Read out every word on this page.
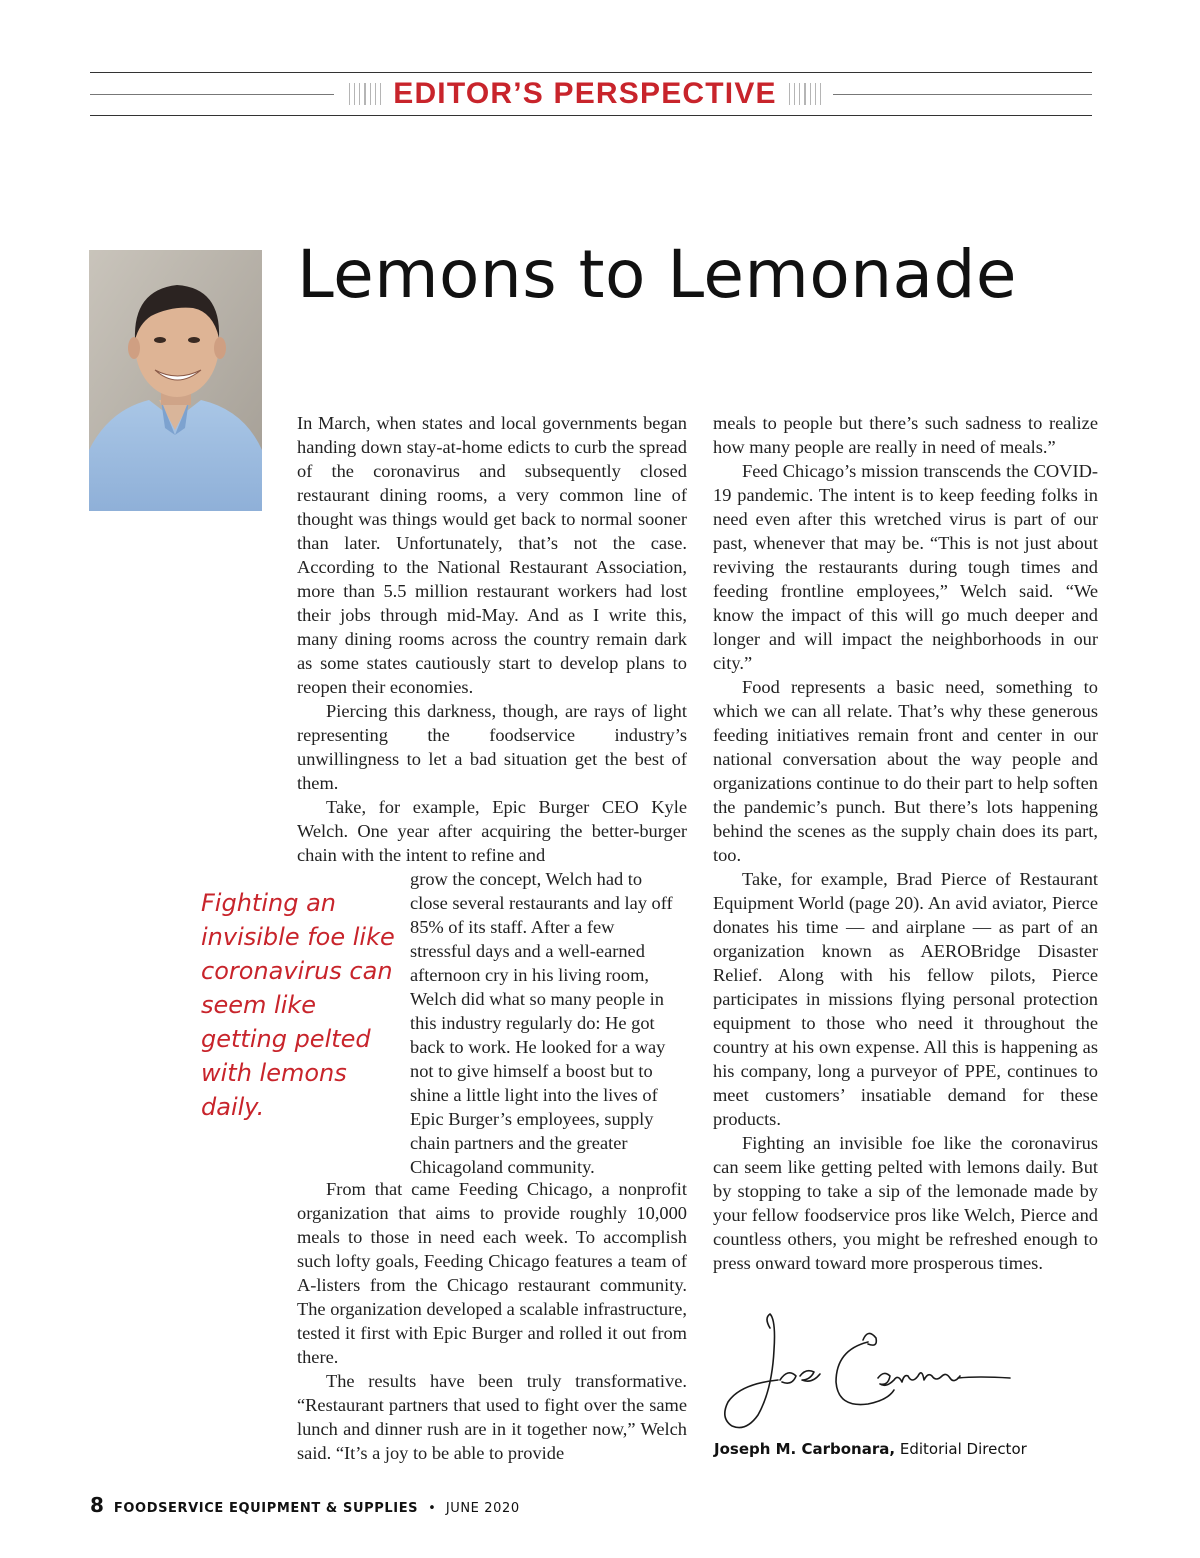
EDITOR’S PERSPECTIVE
Lemons to Lemonade

In March, when states and local governments began handing down stay-at-home edicts to curb the spread of the coronavirus and subsequently closed restaurant dining rooms, a very common line of thought was things would get back to normal sooner than later. Unfortunately, that’s not the case. According to the National Restaurant Association, more than 5.5 million restaurant workers had lost their jobs through mid-May. And as I write this, many dining rooms across the country remain dark as some states cautiously start to develop plans to reopen their economies.

Piercing this darkness, though, are rays of light representing the foodservice industry’s unwillingness to let a bad situation get the best of them.

Take, for example, Epic Burger CEO Kyle Welch. One year after acquiring the better-burger chain with the intent to refine and

Fighting an invisible foe like coronavirus can seem like getting pelted with lemons daily.

grow the concept, Welch had to close several restaurants and lay off 85% of its staff. After a few stressful days and a well-earned afternoon cry in his living room, Welch did what so many people in this industry regularly do: He got back to work. He looked for a way not to give himself a boost but to shine a little light into the lives of Epic Burger’s employees, supply chain partners and the greater Chicagoland community.

From that came Feeding Chicago, a nonprofit organization that aims to provide roughly 10,000 meals to those in need each week. To accomplish such lofty goals, Feeding Chicago features a team of A-listers from the Chicago restaurant community. The organization developed a scalable infrastructure, tested it first with Epic Burger and rolled it out from there.

The results have been truly transformative. “Restaurant partners that used to fight over the same lunch and dinner rush are in it together now,” Welch said. “It’s a joy to be able to provide

meals to people but there’s such sadness to realize how many people are really in need of meals.”

Feed Chicago’s mission transcends the COVID-19 pandemic. The intent is to keep feeding folks in need even after this wretched virus is part of our past, whenever that may be. “This is not just about reviving the restaurants during tough times and feeding frontline employees,” Welch said. “We know the impact of this will go much deeper and longer and will impact the neighborhoods in our city.”

Food represents a basic need, something to which we can all relate. That’s why these generous feeding initiatives remain front and center in our national conversation about the way people and organizations continue to do their part to help soften the pandemic’s punch. But there’s lots happening behind the scenes as the supply chain does its part, too.

Take, for example, Brad Pierce of Restaurant Equipment World (page 20). An avid aviator, Pierce donates his time — and airplane — as part of an organization known as AEROBridge Disaster Relief. Along with his fellow pilots, Pierce participates in missions flying personal protection equipment to those who need it throughout the country at his own expense. All this is happening as his company, long a purveyor of PPE, continues to meet customers’ insatiable demand for these products.

Fighting an invisible foe like the coronavirus can seem like getting pelted with lemons daily. But by stopping to take a sip of the lemonade made by your fellow foodservice pros like Welch, Pierce and countless others, you might be refreshed enough to press onward toward more prosperous times.

Joseph M. Carbonara, Editorial Director
8 FOODSERVICE EQUIPMENT & SUPPLIES • JUNE 2020
